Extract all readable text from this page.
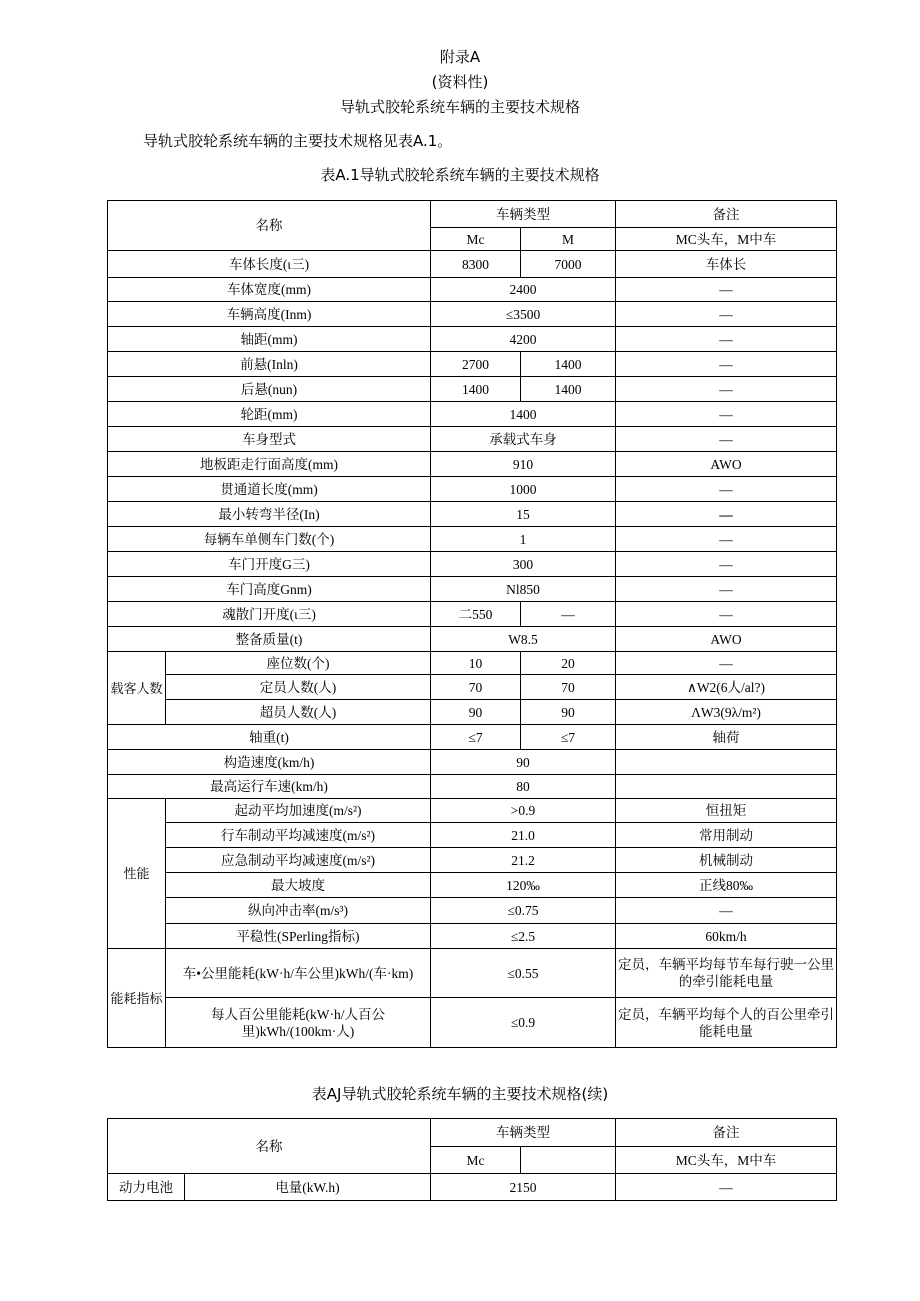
附录A
(资料性)
导轨式胶轮系统车辆的主要技术规格
导轨式胶轮系统车辆的主要技术规格见表A.1。
表A.1导轨式胶轮系统车辆的主要技术规格
名称		车辆类型		备注
		Mc	M	MC头车，M中车
车体长度(ι三)		8300	7000	车体长
车体宽度(mm)		2400		—
车辆高度(Inm)		≤3500		—
轴距(mm)		4200		—
前悬(Inln)		2700	1400	—
后悬(nun)		1400	1400	—
轮距(mm)		1400		—
车身型式		承载式车身		—
地板距走行面高度(mm)		910		AWO
贯通道长度(mm)		1000		—
最小转弯半径(In)		15		—
每辆车单侧车门数(个)		1		—
车门开度G三)		300		—
车门高度Gnm)		Nl850		—
魂散门开度(ι三)		二550	—	—
整备质量(t)		W8.5		AWO
载客人数	座位数(个)	10	20	—
	定员人数(人)	70	70	∧W2(6人/al?)
	超员人数(人)	90	90	ΛW3(9λ/m²)
轴重(t)		≤7	≤7	轴荷
构造速度(km/h)		90		
最高运行车速(km/h)		80		
性能	起动平均加速度(m/s²)	>0.9		恒扭矩
	行车制动平均减速度(m/s²)	21.0		常用制动
	应急制动平均减速度(m/s²)	21.2		机械制动
	最大坡度	120‰		正线80‰
	纵向冲击率(m/s³)	≤0.75		—
	平稳性(SPerling指标)	≤2.5		60km/h
能耗指标	车•公里能耗(kW·h/车公里)kWh/(车·km)	≤0.55		定员，车辆平均每节车每行驶一公里的牵引能耗电量
	每人百公里能耗(kW·h/人百公里)kWh/(100km·人)	≤0.9		定员，车辆平均每个人的百公里牵引能耗电量
表AJ导轨式胶轮系统车辆的主要技术规格(续)
名称		车辆类型		备注
		Mc		MC头车，M中车
动力电池	电量(kW.h)	2150		—
